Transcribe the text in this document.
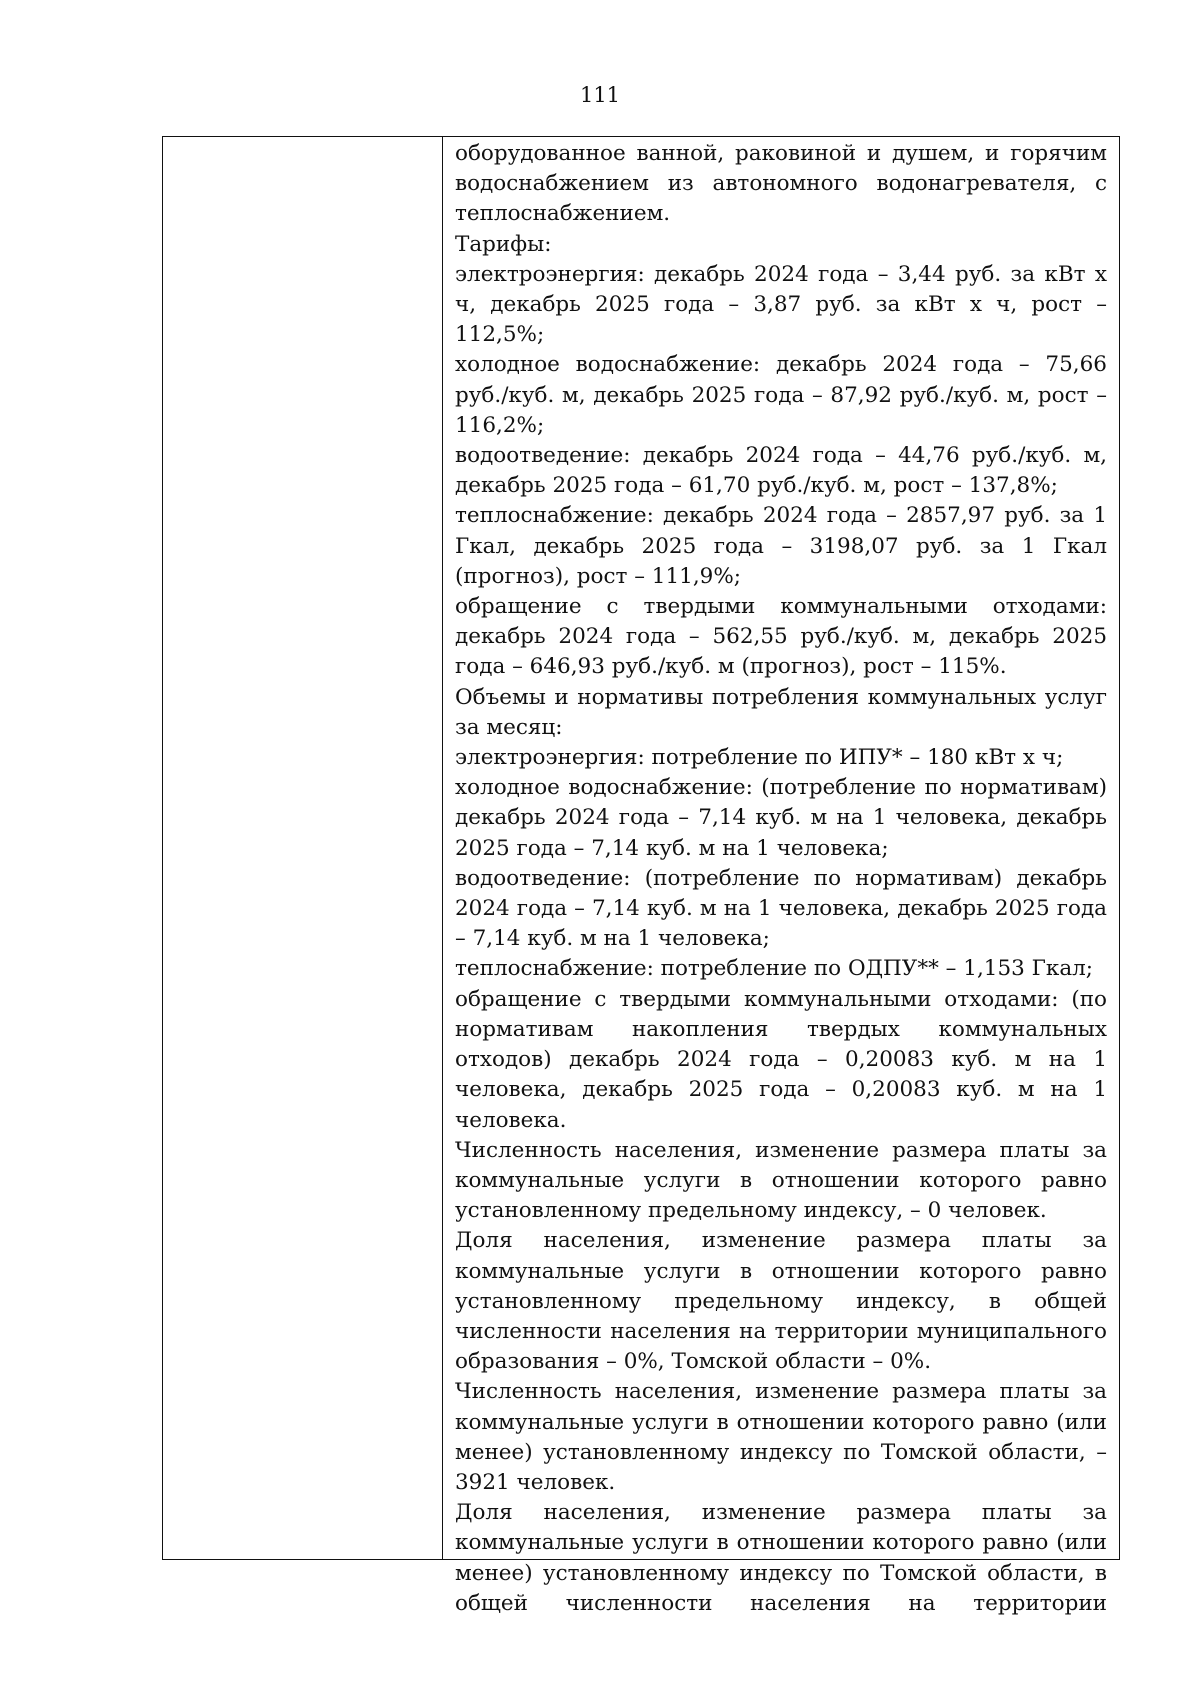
111

оборудованное ванной, раковиной и душем, и горячим водоснабжением из автономного водонагревателя, с теплоснабжением.

Тарифы:

электроэнергия: декабрь 2024 года – 3,44 руб. за кВт х ч, декабрь 2025 года – 3,87 руб. за кВт х ч, рост – 112,5%;

холодное водоснабжение: декабрь 2024 года – 75,66 руб./куб. м, декабрь 2025 года – 87,92 руб./куб. м, рост – 116,2%;

водоотведение: декабрь 2024 года – 44,76 руб./куб. м, декабрь 2025 года – 61,70 руб./куб. м, рост – 137,8%;

теплоснабжение: декабрь 2024 года – 2857,97 руб. за 1 Гкал, декабрь 2025 года – 3198,07 руб. за 1 Гкал (прогноз), рост – 111,9%;

обращение с твердыми коммунальными отходами: декабрь 2024 года – 562,55 руб./куб. м, декабрь 2025 года – 646,93 руб./куб. м (прогноз), рост – 115%.

Объемы и нормативы потребления коммунальных услуг за месяц:

электроэнергия: потребление по ИПУ* – 180 кВт х ч;

холодное водоснабжение: (потребление по нормативам) декабрь 2024 года – 7,14 куб. м на 1 человека, декабрь 2025 года – 7,14 куб. м на 1 человека;

водоотведение: (потребление по нормативам) декабрь 2024 года – 7,14 куб. м на 1 человека, декабрь 2025 года – 7,14 куб. м на 1 человека;

теплоснабжение: потребление по ОДПУ** – 1,153 Гкал;

обращение с твердыми коммунальными отходами: (по нормативам накопления твердых коммунальных отходов) декабрь 2024 года – 0,20083 куб. м на 1 человека, декабрь 2025 года – 0,20083 куб. м на 1 человека.

Численность населения, изменение размера платы за коммунальные услуги в отношении которого равно установленному предельному индексу, – 0 человек.

Доля населения, изменение размера платы за коммунальные услуги в отношении которого равно установленному предельному индексу, в общей численности населения на территории муниципального образования – 0%, Томской области – 0%.

Численность населения, изменение размера платы за коммунальные услуги в отношении которого равно (или менее) установленному индексу по Томской области, – 3921 человек.

Доля населения, изменение размера платы за коммунальные услуги в отношении которого равно (или менее) установленному индексу по Томской области, в общей численности населения на территории
